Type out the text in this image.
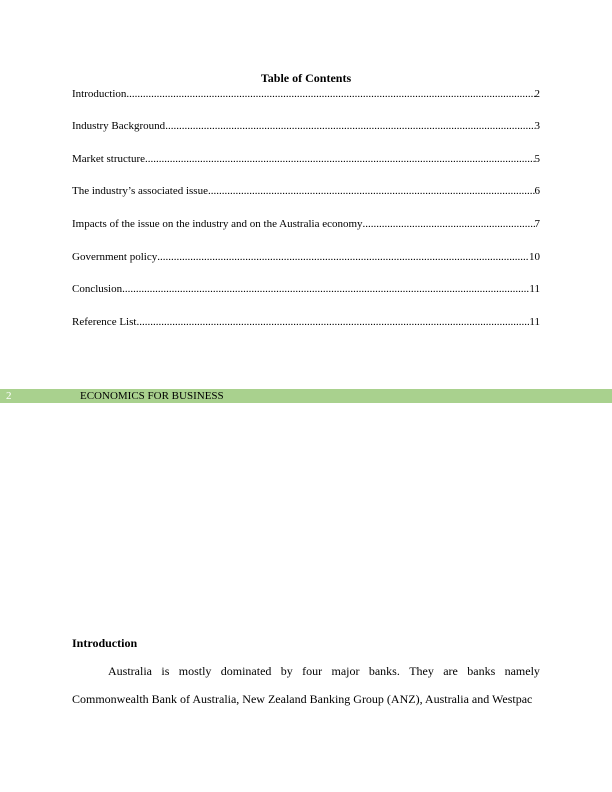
Table of Contents
Introduction .....	2
Industry Background .....	3
Market structure .....	5
The industry’s associated issue .....	6
Impacts of the issue on the industry and on the Australia economy .....	7
Government policy .....	10
Conclusion .....	11
Reference List .....	11
2	ECONOMICS FOR BUSINESS
Introduction
Australia is mostly dominated by four major banks. They are banks namely
Commonwealth Bank of Australia, New Zealand Banking Group (ANZ), Australia and Westpac
